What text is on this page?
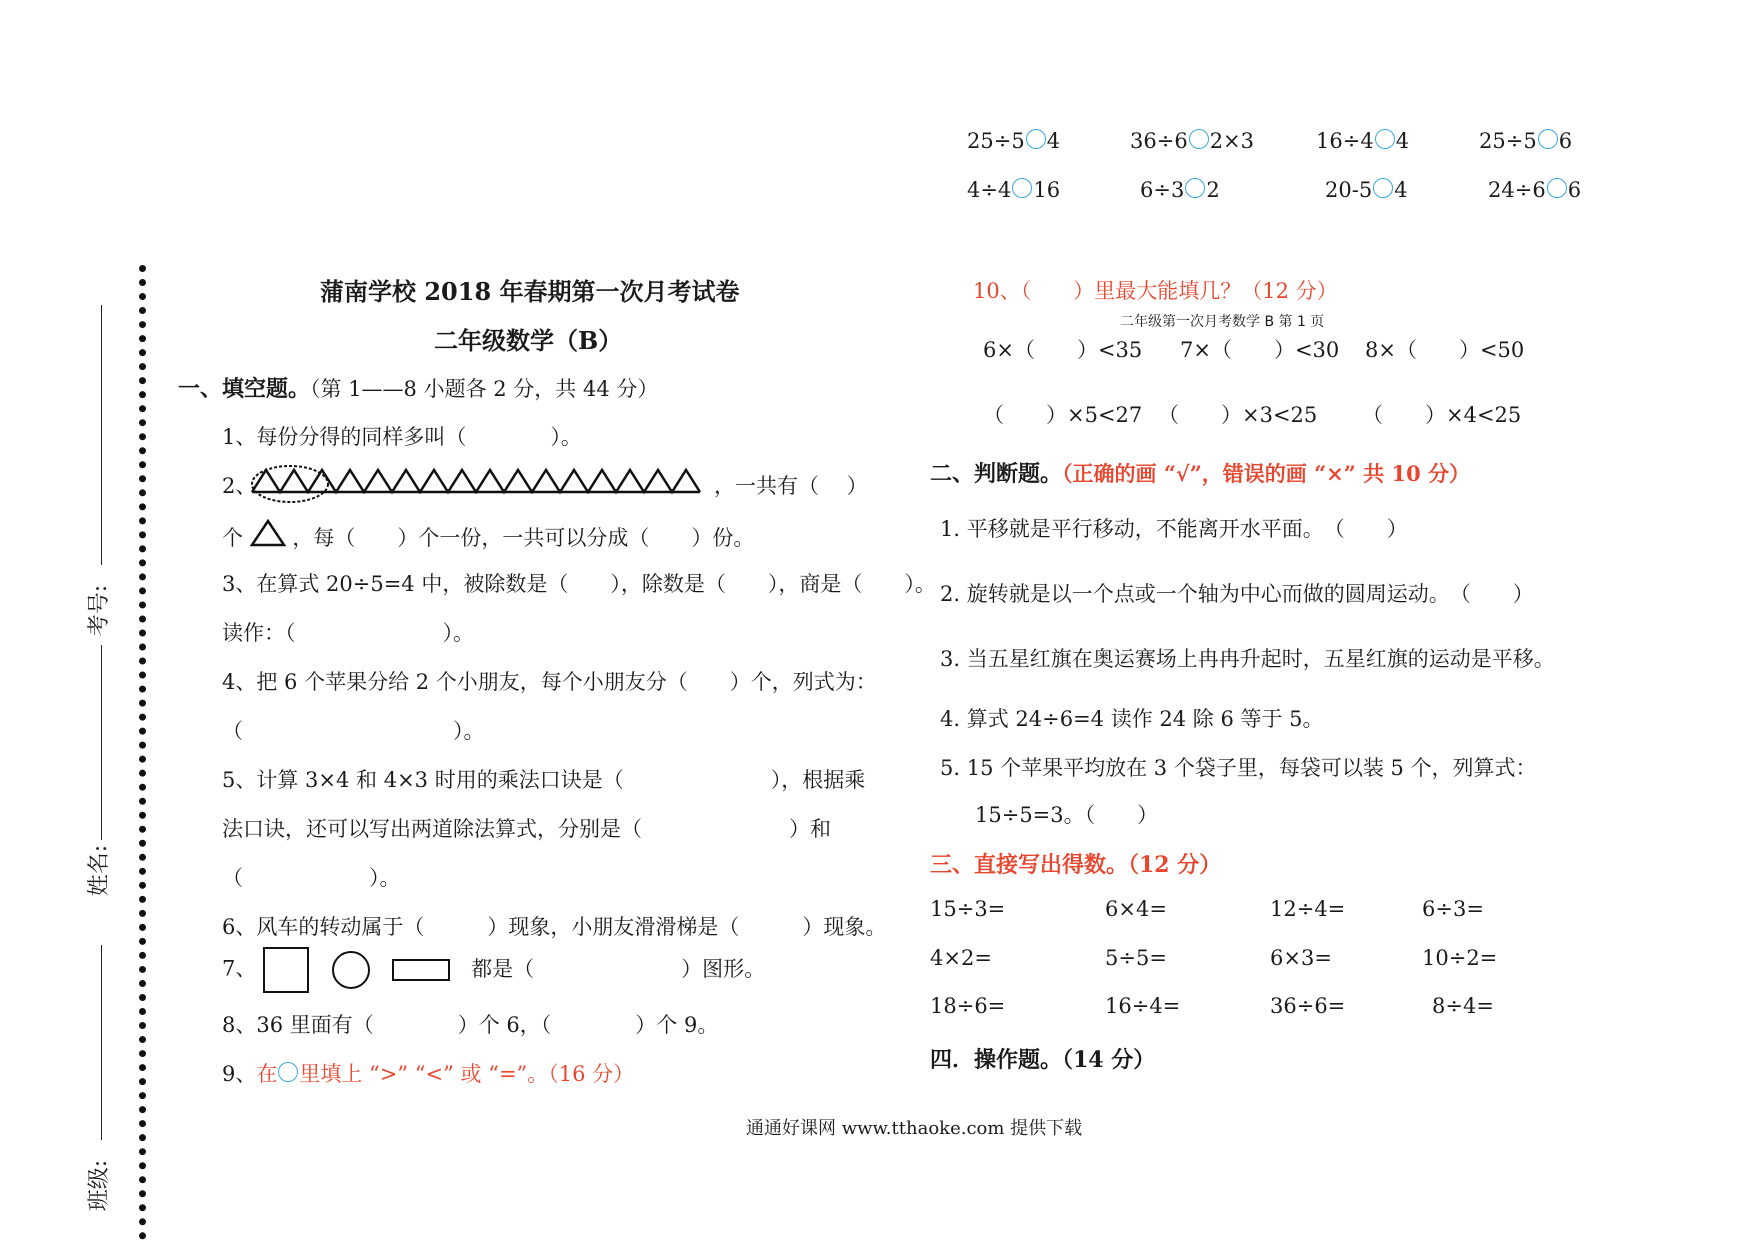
25÷5 4	36÷6 2×3	16÷4 4	25÷5 6
4÷4 16	6÷3 2	20-5 4	24÷6 6
考号:
姓名:
班级:
蒲南学校 2018 年春期第一次月考试卷
二年级数学（B）
一、填空题。（第 1——8 小题各 2 分，共 44 分）
1、每份分得的同样多叫（　　　　）。
2、	，一共有（　 ）
个 ，每（　　）个一份，一共可以分成（　　）份。
3、在算式 20÷5=4 中，被除数是（　　），除数是（　　），商是（　　）。
读作：（　　　　　　　）。
4、把 6 个苹果分给 2 个小朋友，每个小朋友分（　　）个，列式为：
（　　　　　　　　　　）。
5、计算 3×4 和 4×3 时用的乘法口诀是（　　　　　　　），根据乘
法口诀，还可以写出两道除法算式，分别是（　　　　　　　）和
（　　　　　　）。
6、风车的转动属于（　　　）现象，小朋友滑滑梯是（　　　）现象。
7、	都是（　　　　　　　）图形。
8、36 里面有（　　　　）个 6，（　　　　）个 9。
9、在 里填上 “>” “<” 或 “=”。（16 分）
10、（　　）里最大能填几？（12 分）
二年级第一次月考数学 B 第 1 页
6×（　　）<35 7×（　　）<30 8×（　　）<50
（　　）×5<27 （　　）×3<25 （　　）×4<25
二、判断题。（正确的画 “√”，错误的画 “×” 共 10 分）
1. 平移就是平行移动，不能离开水平面。　（　　）
2. 旋转就是以一个点或一个轴为中心而做的圆周运动。　（　　）
3. 当五星红旗在奥运赛场上冉冉升起时，五星红旗的运动是平移。
4. 算式 24÷6=4 读作 24 除 6 等于 5。
5. 15 个苹果平均放在 3 个袋子里，每袋可以装 5 个，列算式：
15÷5=3。（　　）
三、直接写出得数。（12 分）
15÷3=	6×4=	12÷4=	6÷3=
4×2=	5÷5=	6×3=	10÷2=
18÷6=	16÷4=	36÷6=	8÷4=
四．操作题。（14 分）
通通好课网 www.tthaoke.com 提供下载
